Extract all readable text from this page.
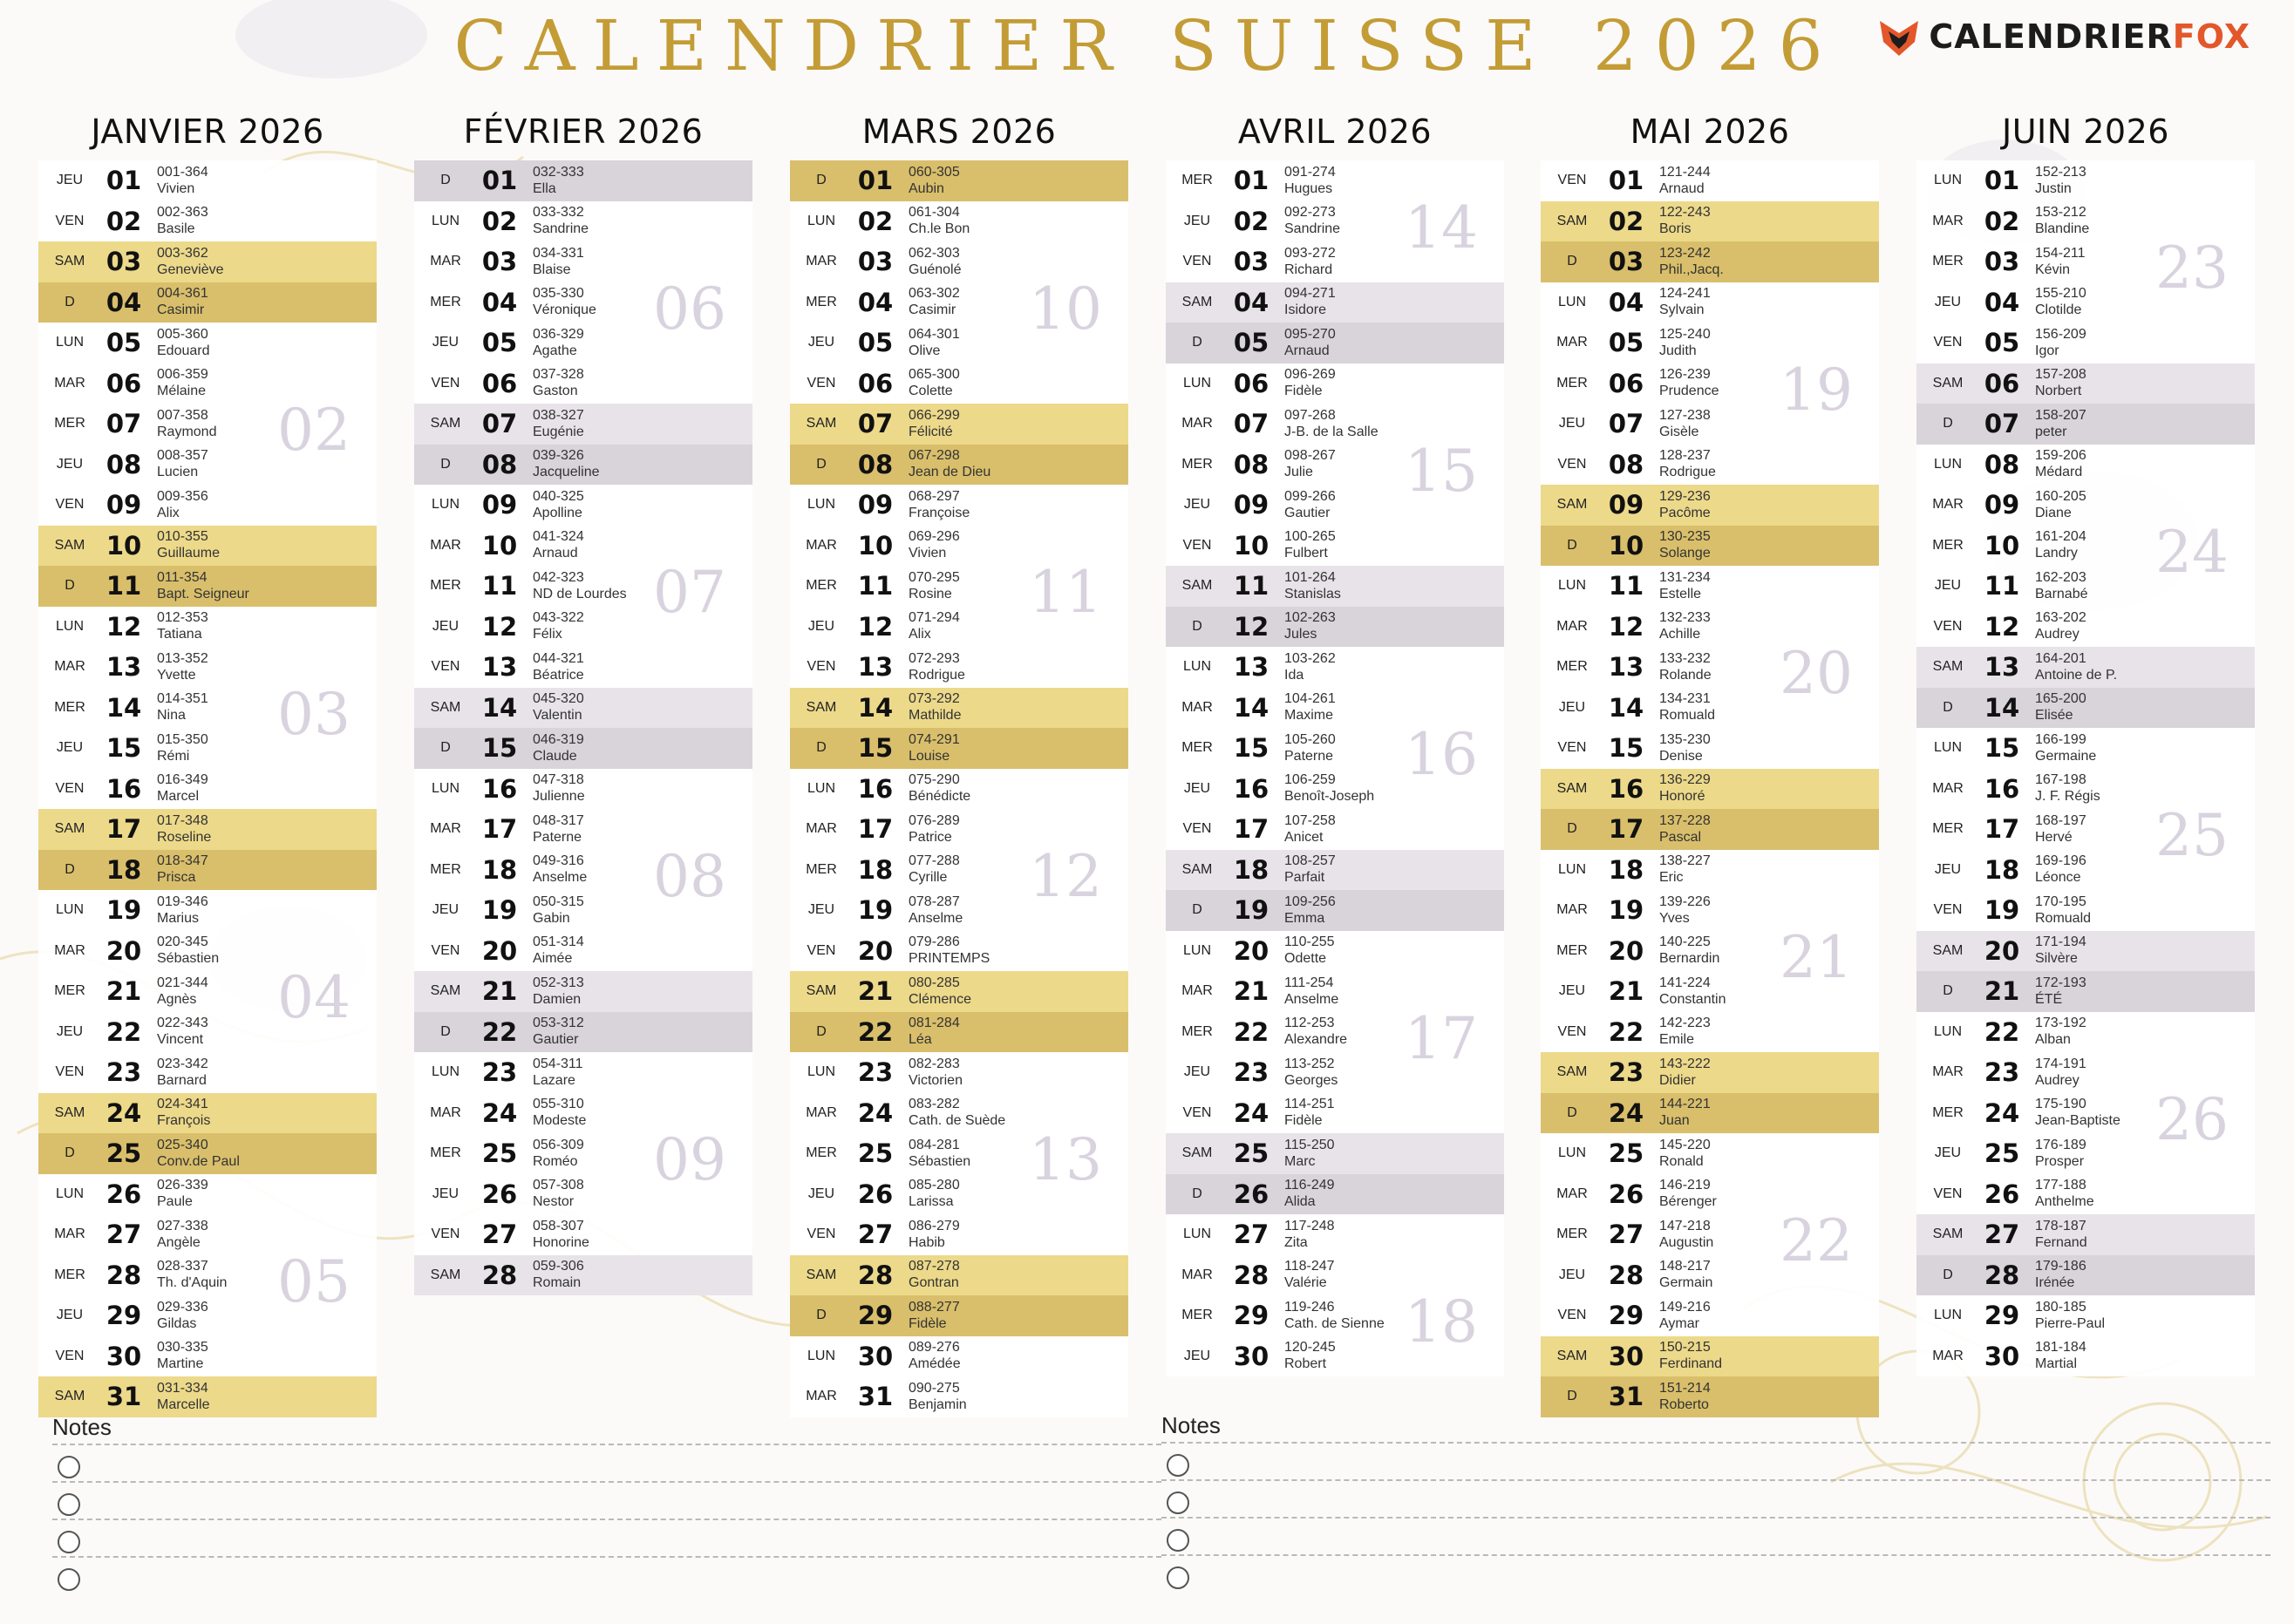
CALENDRIER SUISSE 2026	CALENDRIER FOX
JANVIER 2026
JEU 01	001-364
Vivien
VEN 02	002-363
Basile
SAM 03	003-362
Geneviève
D	04	004-361
Casimir
LUN 05	005-360
Edouard
MAR 06	006-359
Mélaine
MER 07	007-358
Raymond
JEU 08	008-357
Lucien
VEN 09	009-356
Alix
SAM 10	010-355
Guillaume
D	11	011-354
Bapt. Seigneur
LUN 12	012-353
Tatiana
MAR 13	013-352
Yvette
MER 14	014-351
Nina
JEU 15	015-350
Rémi
VEN 16	016-349
Marcel
SAM 17	017-348
Roseline
D	18	018-347
Prisca
LUN 19	019-346
Marius
MAR 20	020-345
Sébastien
MER 21	021-344
Agnès
JEU 22	022-343
Vincent
VEN 23	023-342
Barnard
SAM 24	024-341
François
D	25	025-340
Conv.de Paul
LUN 26	026-339
Paule
MAR 27	027-338
Angèle
MER 28	028-337
Th. d'Aquin
JEU 29	029-336
Gildas
VEN 30	030-335
Martine
SAM 31	031-334
Marcelle
02
03
04
05
FÉVRIER 2026
D	01	032-333
Ella
LUN 02	033-332
Sandrine
MAR 03	034-331
Blaise
MER 04	035-330
Véronique
JEU 05	036-329
Agathe
VEN 06	037-328
Gaston
SAM 07	038-327
Eugénie
D	08	039-326
Jacqueline
LUN 09	040-325
Apolline
MAR 10	041-324
Arnaud
MER 11	042-323
ND de Lourdes
JEU 12	043-322
Félix
VEN 13	044-321
Béatrice
SAM 14	045-320
Valentin
D	15	046-319
Claude
LUN 16	047-318
Julienne
MAR 17	048-317
Paterne
MER 18	049-316
Anselme
JEU 19	050-315
Gabin
VEN 20	051-314
Aimée
SAM 21	052-313
Damien
D	22	053-312
Gautier
LUN 23	054-311
Lazare
MAR 24	055-310
Modeste
MER 25	056-309
Roméo
JEU 26	057-308
Nestor
VEN 27	058-307
Honorine
SAM 28	059-306
Romain
06
07
08
09
MARS 2026
D	01	060-305
Aubin
LUN 02	061-304
Ch.le Bon
MAR 03	062-303
Guénolé
MER 04	063-302
Casimir
JEU 05	064-301
Olive
VEN 06	065-300
Colette
SAM 07	066-299
Félicité
D	08	067-298
Jean de Dieu
LUN 09	068-297
Françoise
MAR 10	069-296
Vivien
MER 11	070-295
Rosine
JEU 12	071-294
Alix
VEN 13	072-293
Rodrigue
SAM 14	073-292
Mathilde
D	15	074-291
Louise
LUN 16	075-290
Bénédicte
MAR 17	076-289
Patrice
MER 18	077-288
Cyrille
JEU 19	078-287
Anselme
VEN 20	079-286
PRINTEMPS
SAM 21	080-285
Clémence
D	22	081-284
Léa
LUN 23	082-283
Victorien
MAR 24	083-282
Cath. de Suède
MER 25	084-281
Sébastien
JEU 26	085-280
Larissa
VEN 27	086-279
Habib
SAM 28	087-278
Gontran
D	29	088-277
Fidèle
LUN 30	089-276
Amédée
MAR 31	090-275
Benjamin
10
11
12
13
AVRIL 2026
MER 01	091-274
Hugues
JEU 02	092-273
Sandrine
VEN 03	093-272
Richard
SAM 04	094-271
Isidore
D	05	095-270
Arnaud
LUN 06	096-269
Fidèle
MAR 07	097-268
J-B. de la Salle
MER 08	098-267
Julie
JEU 09	099-266
Gautier
VEN 10	100-265
Fulbert
SAM 11	101-264
Stanislas
D	12	102-263
Jules
LUN 13	103-262
Ida
MAR 14	104-261
Maxime
MER 15	105-260
Paterne
JEU 16	106-259
Benoît-Joseph
VEN 17	107-258
Anicet
SAM 18	108-257
Parfait
D	19	109-256
Emma
LUN 20	110-255
Odette
MAR 21	111-254
Anselme
MER 22	112-253
Alexandre
JEU 23	113-252
Georges
VEN 24	114-251
Fidèle
SAM 25	115-250
Marc
D	26	116-249
Alida
LUN 27	117-248
Zita
MAR 28	118-247
Valérie
MER 29	119-246
Cath. de Sienne
JEU 30	120-245
Robert
14
15
16
17
18
MAI 2026
VEN 01	121-244
Arnaud
SAM 02	122-243
Boris
D	03	123-242
Phil.,Jacq.
LUN 04	124-241
Sylvain
MAR 05	125-240
Judith
MER 06	126-239
Prudence
JEU 07	127-238
Gisèle
VEN 08	128-237
Rodrigue
SAM 09	129-236
Pacôme
D	10	130-235
Solange
LUN 11	131-234
Estelle
MAR 12	132-233
Achille
MER 13	133-232
Rolande
JEU 14	134-231
Romuald
VEN 15	135-230
Denise
SAM 16	136-229
Honoré
D	17	137-228
Pascal
LUN 18	138-227
Eric
MAR 19	139-226
Yves
MER 20	140-225
Bernardin
JEU 21	141-224
Constantin
VEN 22	142-223
Emile
SAM 23	143-222
Didier
D	24	144-221
Juan
LUN 25	145-220
Ronald
MAR 26	146-219
Bérenger
MER 27	147-218
Augustin
JEU 28	148-217
Germain
VEN 29	149-216
Aymar
SAM 30	150-215
Ferdinand
D	31	151-214
Roberto
19
20
21
22
JUIN 2026
LUN 01	152-213
Justin
MAR 02	153-212
Blandine
MER 03	154-211
Kévin
JEU 04	155-210
Clotilde
VEN 05	156-209
Igor
SAM 06	157-208
Norbert
D	07	158-207
peter
LUN 08	159-206
Médard
MAR 09	160-205
Diane
MER 10	161-204
Landry
JEU 11	162-203
Barnabé
VEN 12	163-202
Audrey
SAM 13	164-201
Antoine de P.
D	14	165-200
Elisée
LUN 15	166-199
Germaine
MAR 16	167-198
J. F. Régis
MER 17	168-197
Hervé
JEU 18	169-196
Léonce
VEN 19	170-195
Romuald
SAM 20	171-194
Silvère
D	21	172-193
ÉTÉ
LUN 22	173-192
Alban
MAR 23	174-191
Audrey
MER 24	175-190
Jean-Baptiste
JEU 25	176-189
Prosper
VEN 26	177-188
Anthelme
SAM 27	178-187
Fernand
D	28	179-186
Irénée
LUN 29	180-185
Pierre-Paul
MAR 30	181-184
Martial
23
24
25
26
Notes	Notes
